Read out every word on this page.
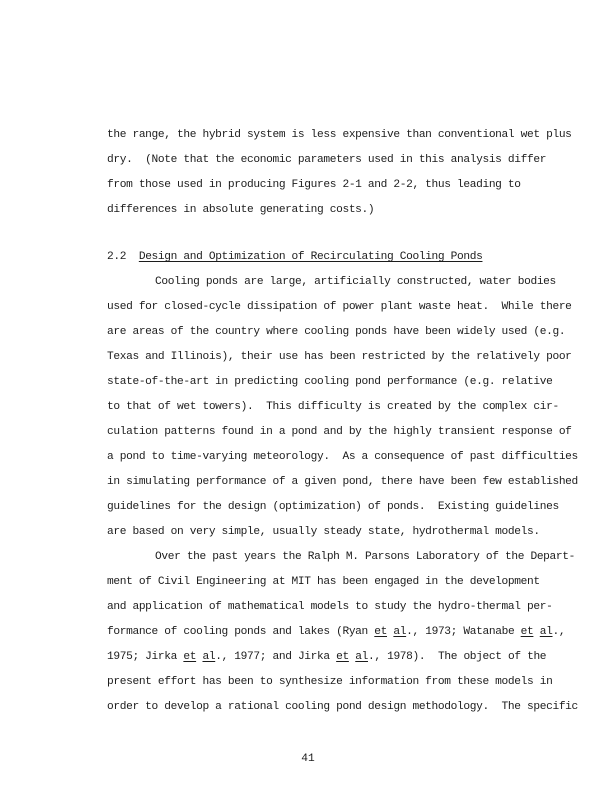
the range, the hybrid system is less expensive than conventional wet plus
dry.  (Note that the economic parameters used in this analysis differ
from those used in producing Figures 2-1 and 2-2, thus leading to
differences in absolute generating costs.)
2.2 Design and Optimization of Recirculating Cooling Ponds
Cooling ponds are large, artificially constructed, water bodies
used for closed-cycle dissipation of power plant waste heat.  While there
are areas of the country where cooling ponds have been widely used (e.g.
Texas and Illinois), their use has been restricted by the relatively poor
state-of-the-art in predicting cooling pond performance (e.g. relative
to that of wet towers).  This difficulty is created by the complex cir-
culation patterns found in a pond and by the highly transient response of
a pond to time-varying meteorology.  As a consequence of past difficulties
in simulating performance of a given pond, there have been few established
guidelines for the design (optimization) of ponds.  Existing guidelines
are based on very simple, usually steady state, hydrothermal models.
Over the past years the Ralph M. Parsons Laboratory of the Depart-
ment of Civil Engineering at MIT has been engaged in the development
and application of mathematical models to study the hydro-thermal per-
formance of cooling ponds and lakes (Ryan et al., 1973; Watanabe et al.,
1975; Jirka et al., 1977; and Jirka et al., 1978).  The object of the
present effort has been to synthesize information from these models in
order to develop a rational cooling pond design methodology.  The specific
41
